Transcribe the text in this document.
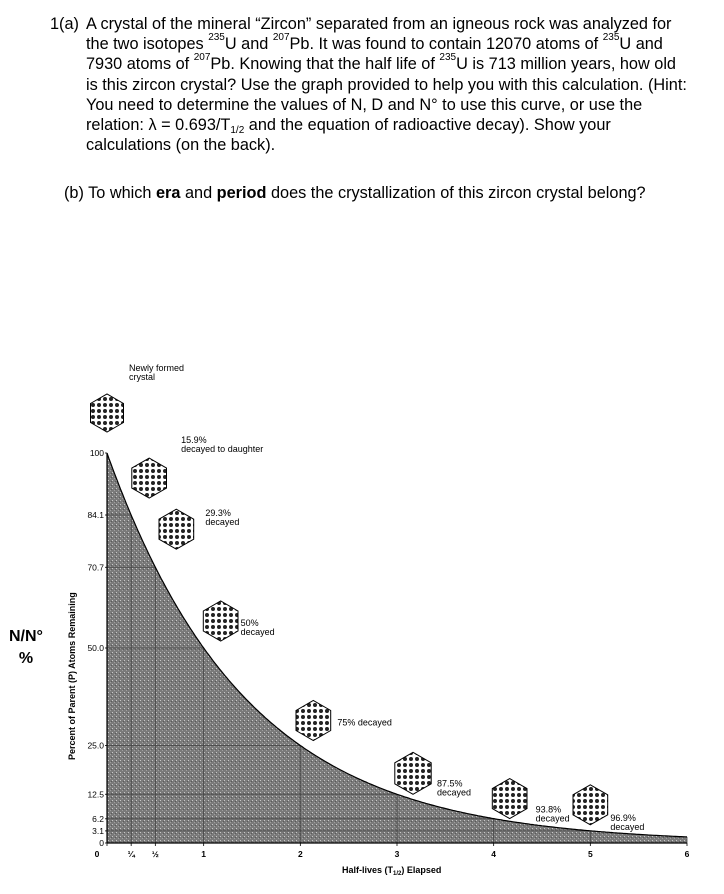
1(a) A crystal of the mineral “Zircon” separated from an igneous rock was analyzed for
the two isotopes $^{235}$U and $^{207}$Pb. It was found to contain 12070 atoms of $^{235}$U and
7930 atoms of $^{207}$Pb. Knowing that the half life of $^{235}$U is 713 million years, how old
is this zircon crystal? Use the graph provided to help you with this calculation. (Hint:
You need to determine the values of N, D and N° to use this curve, or use the
relation: $\lambda = 0.693/T_{1/2}$ and the equation of radioactive decay). Show your
calculations (on the back).
(b) To which era and period does the crystallization of this zircon crystal belong?
N/N°
%
100
84.1
70.7
50.0
25.0
12.5
6.2
3.1
0
0	¼ ½	1	2	3	4	5	6
Newly formed
crystal
15.9%
decayed to daughter
29.3%
decayed
50%
decayed
75% decayed
87.5%
decayed
93.8%
decayed	96.9%
decayed
Percent of Parent (P) Atoms Remaining
Half-lives $(T_{1/2})$ Elapsed
